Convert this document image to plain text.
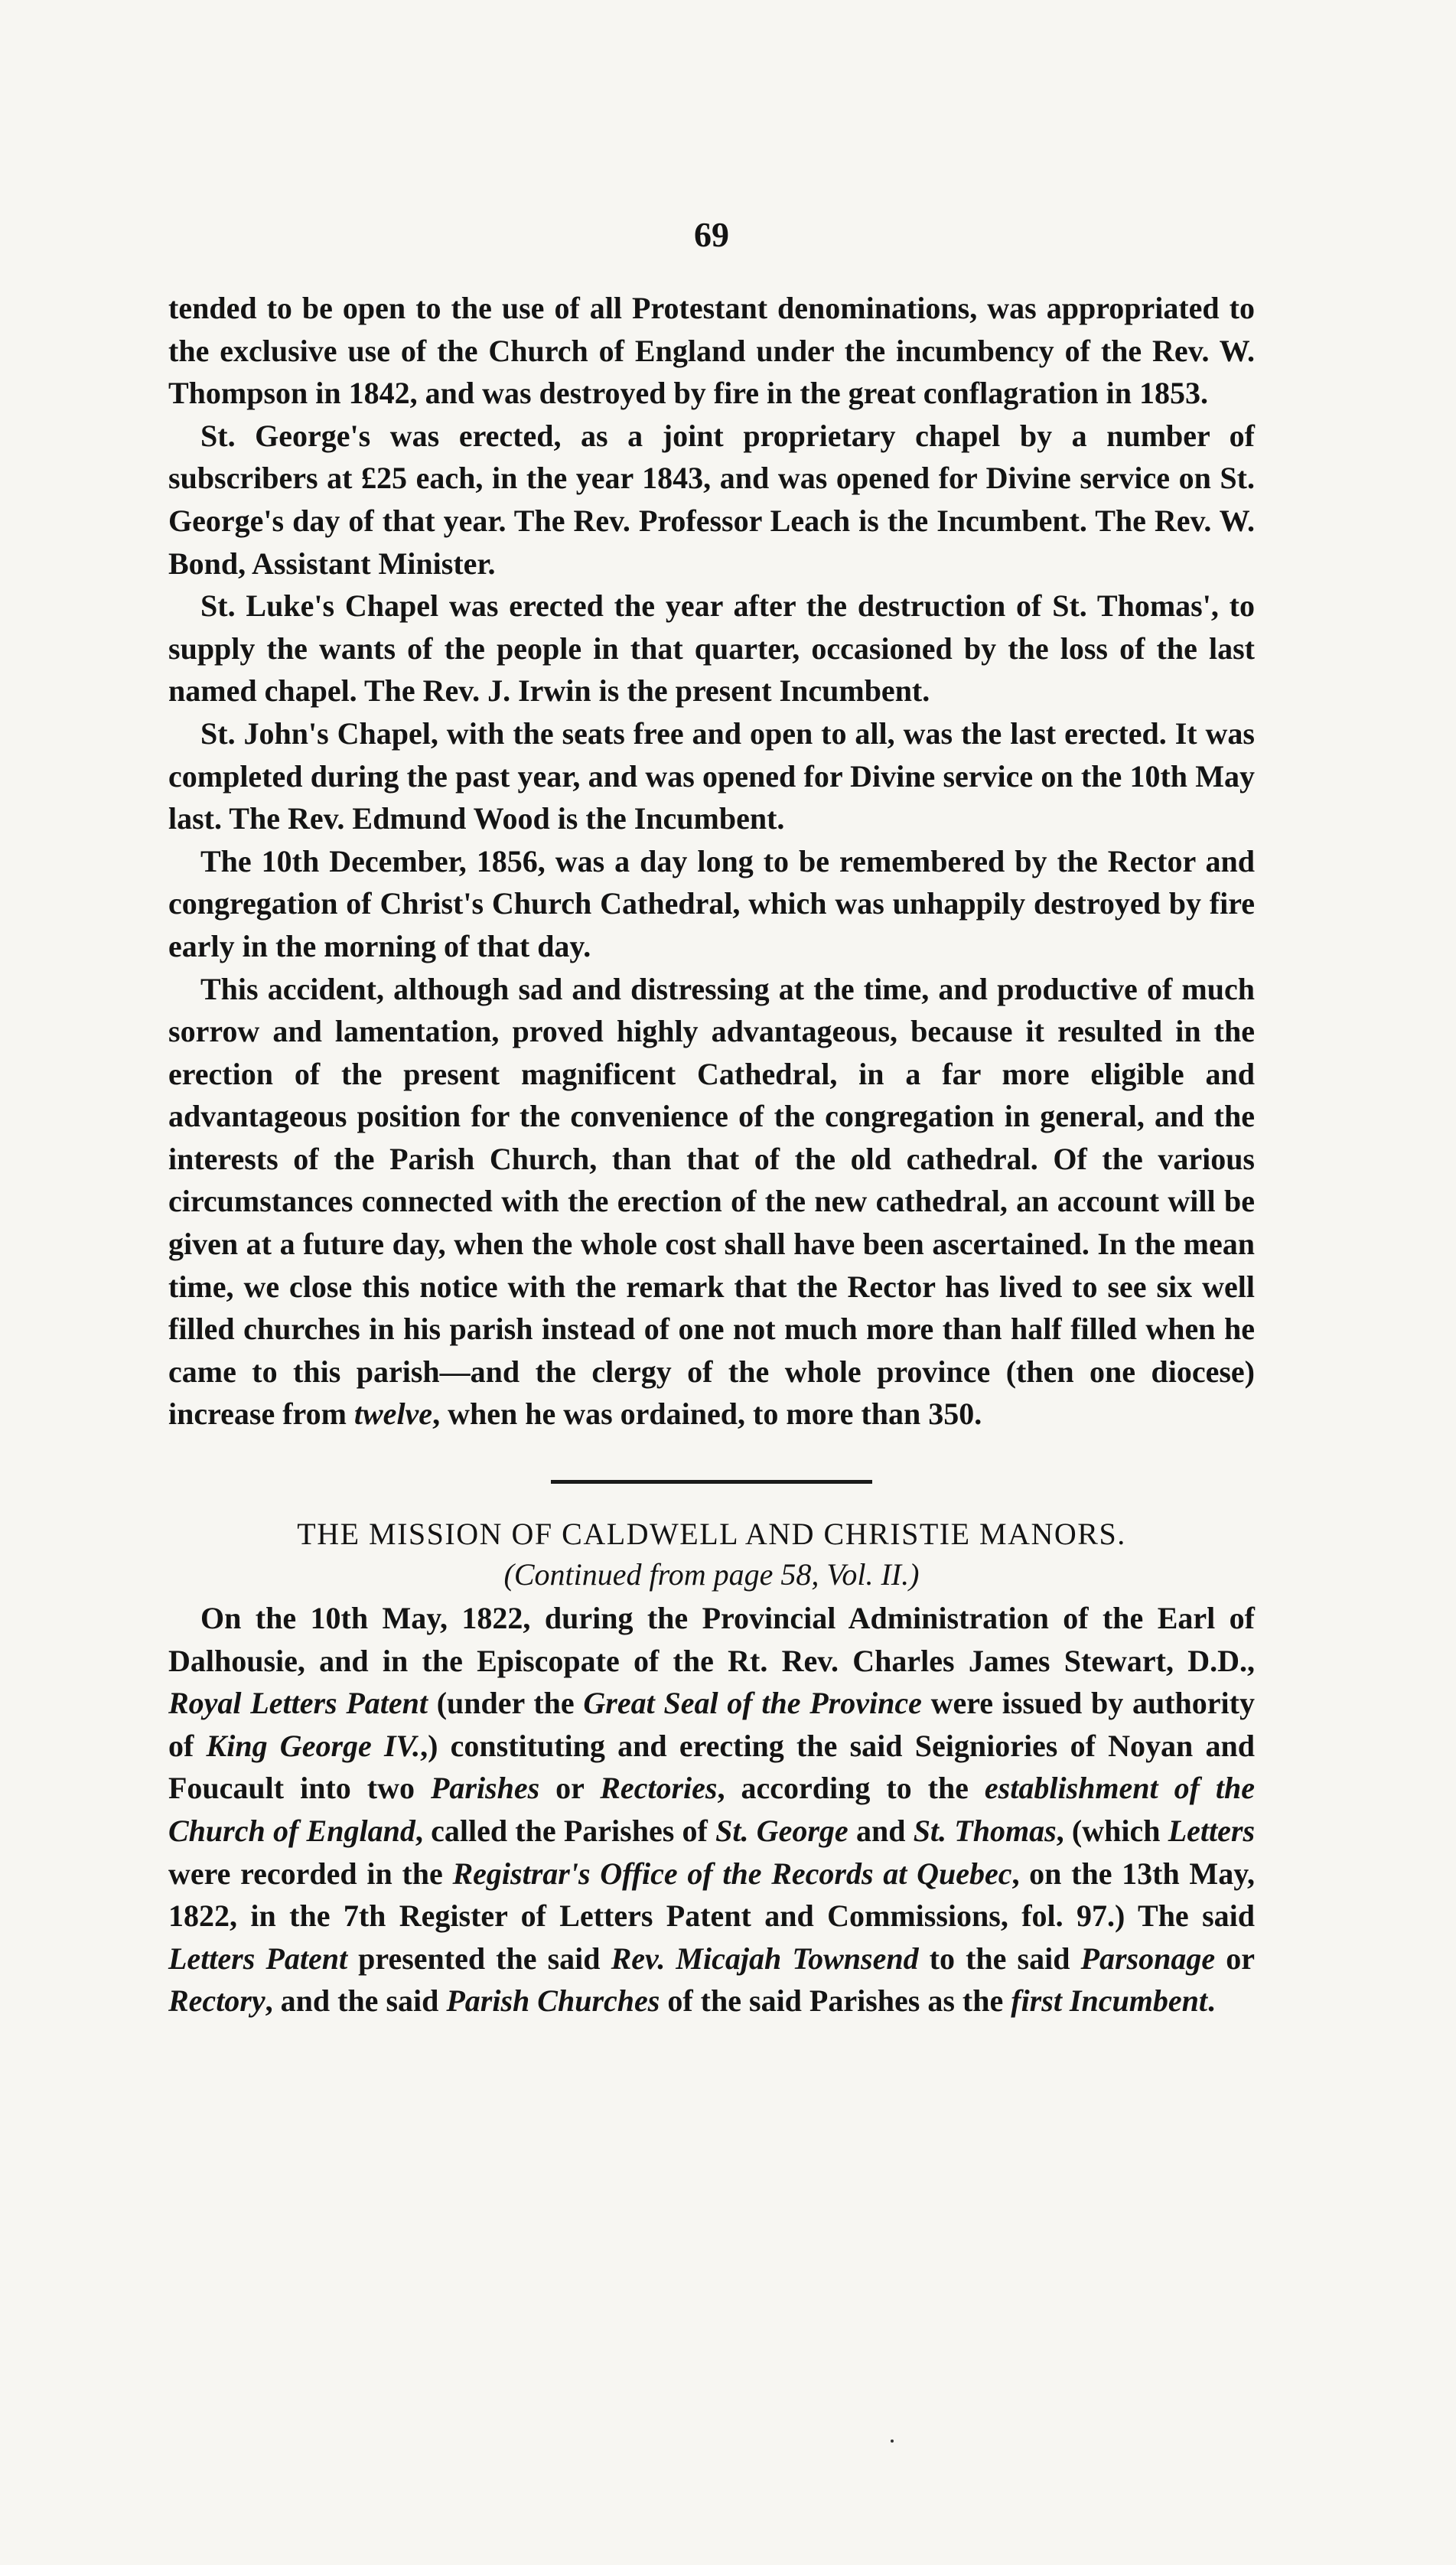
69

tended to be open to the use of all Protestant denominations, was appropriated to the exclusive use of the Church of England under the incumbency of the Rev. W. Thompson in 1842, and was destroyed by fire in the great conflagration in 1853.

St. George's was erected, as a joint proprietary chapel by a number of subscribers at £25 each, in the year 1843, and was opened for Divine service on St. George's day of that year. The Rev. Professor Leach is the Incumbent. The Rev. W. Bond, Assistant Minister.

St. Luke's Chapel was erected the year after the destruction of St. Thomas', to supply the wants of the people in that quarter, occasioned by the loss of the last named chapel. The Rev. J. Irwin is the present Incumbent.

St. John's Chapel, with the seats free and open to all, was the last erected. It was completed during the past year, and was opened for Divine service on the 10th May last. The Rev. Edmund Wood is the Incumbent.

The 10th December, 1856, was a day long to be remembered by the Rector and congregation of Christ's Church Cathedral, which was unhappily destroyed by fire early in the morning of that day.

This accident, although sad and distressing at the time, and productive of much sorrow and lamentation, proved highly advantageous, because it resulted in the erection of the present magnificent Cathedral, in a far more eligible and advantageous position for the convenience of the congregation in general, and the interests of the Parish Church, than that of the old cathedral. Of the various circumstances connected with the erection of the new cathedral, an account will be given at a future day, when the whole cost shall have been ascertained. In the mean time, we close this notice with the remark that the Rector has lived to see six well filled churches in his parish instead of one not much more than half filled when he came to this parish—and the clergy of the whole province (then one diocese) increase from twelve, when he was ordained, to more than 350.

THE MISSION OF CALDWELL AND CHRISTIE MANORS.
(Continued from page 58, Vol. II.)

On the 10th May, 1822, during the Provincial Administration of the Earl of Dalhousie, and in the Episcopate of the Rt. Rev. Charles James Stewart, D.D., Royal Letters Patent (under the Great Seal of the Province were issued by authority of King George IV.,) constituting and erecting the said Seigniories of Noyan and Foucault into two Parishes or Rectories, according to the establishment of the Church of England, called the Parishes of St. George and St. Thomas, (which Letters were recorded in the Registrar's Office of the Records at Quebec, on the 13th May, 1822, in the 7th Register of Letters Patent and Commissions, fol. 97.) The said Letters Patent presented the said Rev. Micajah Townsend to the said Parsonage or Rectory, and the said Parish Churches of the said Parishes as the first Incumbent.
